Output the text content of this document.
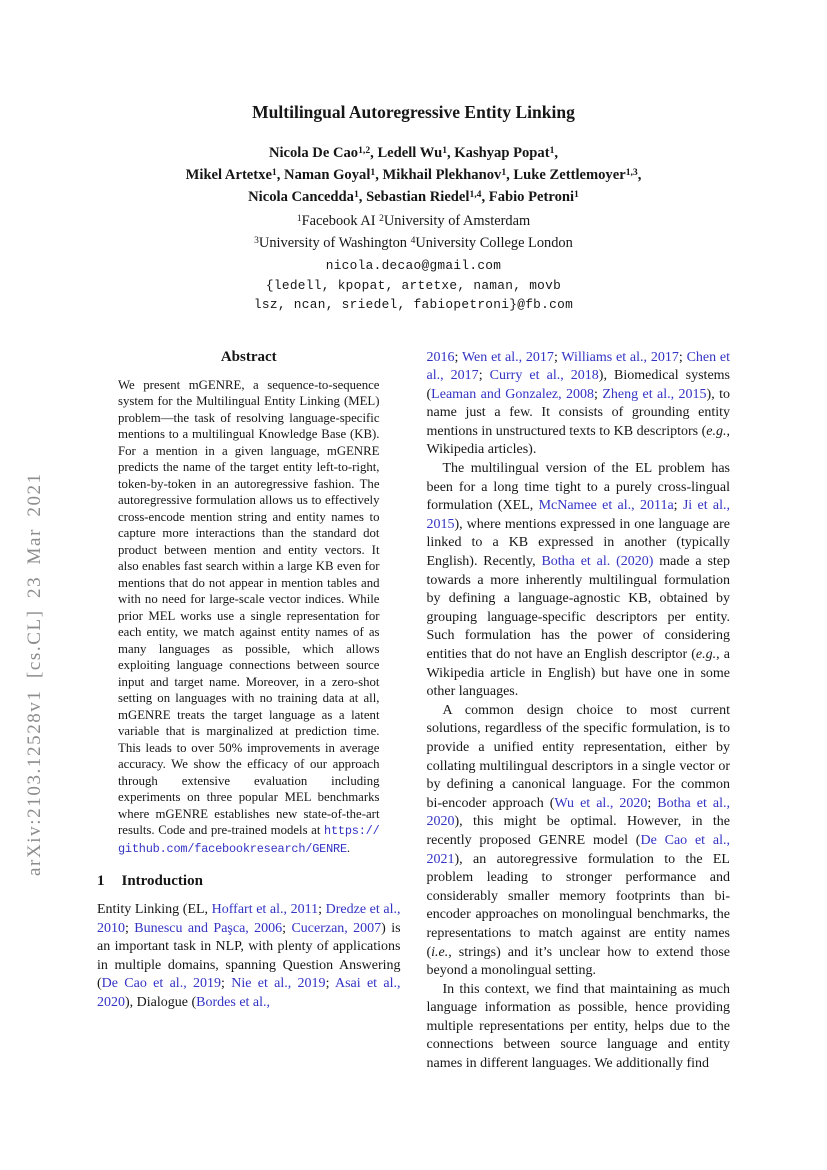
arXiv:2103.12528v1 [cs.CL] 23 Mar 2021
Multilingual Autoregressive Entity Linking
Nicola De Cao$^{1,2}$, Ledell Wu$^1$, Kashyap Popat$^1$,
Mikel Artetxe$^1$, Naman Goyal$^1$, Mikhail Plekhanov$^1$, Luke Zettlemoyer$^{1,3}$,
Nicola Cancedda$^1$, Sebastian Riedel$^{1,4}$, Fabio Petroni$^1$
$^1$Facebook AI $^2$University of Amsterdam
$^3$University of Washington $^4$University College London
nicola.decao@gmail.com
{ledell, kpopat, artetxe, naman, movb
lsz, ncan, sriedel, fabiopetroni}@fb.com
Abstract

We present mGENRE, a sequence-to-sequence system for the Multilingual Entity Linking (MEL) problem—the task of resolving language-specific mentions to a multilingual Knowledge Base (KB). For a mention in a given language, mGENRE predicts the name of the target entity left-to-right, token-by-token in an autoregressive fashion. The autoregressive formulation allows us to effectively cross-encode mention string and entity names to capture more interactions than the standard dot product between mention and entity vectors. It also enables fast search within a large KB even for mentions that do not appear in mention tables and with no need for large-scale vector indices. While prior MEL works use a single representation for each entity, we match against entity names of as many languages as possible, which allows exploiting language connections between source input and target name. Moreover, in a zero-shot setting on languages with no training data at all, mGENRE treats the target language as a latent variable that is marginalized at prediction time. This leads to over 50% improvements in average accuracy. We show the efficacy of our approach through extensive evaluation including experiments on three popular MEL benchmarks where mGENRE establishes new state-of-the-art results. Code and pre-trained models at https://github.com/facebookresearch/GENRE.

1 Introduction

Entity Linking (EL, Hoffart et al., 2011; Dredze et al., 2010; Bunescu and Paşca, 2006; Cucerzan, 2007) is an important task in NLP, with plenty of applications in multiple domains, spanning Question Answering (De Cao et al., 2019; Nie et al., 2019; Asai et al., 2020), Dialogue (Bordes et al.,

2016; Wen et al., 2017; Williams et al., 2017; Chen et al., 2017; Curry et al., 2018), Biomedical systems (Leaman and Gonzalez, 2008; Zheng et al., 2015), to name just a few. It consists of grounding entity mentions in unstructured texts to KB descriptors (e.g., Wikipedia articles).

The multilingual version of the EL problem has been for a long time tight to a purely cross-lingual formulation (XEL, McNamee et al., 2011a; Ji et al., 2015), where mentions expressed in one language are linked to a KB expressed in another (typically English). Recently, Botha et al. (2020) made a step towards a more inherently multilingual formulation by defining a language-agnostic KB, obtained by grouping language-specific descriptors per entity. Such formulation has the power of considering entities that do not have an English descriptor (e.g., a Wikipedia article in English) but have one in some other languages.

A common design choice to most current solutions, regardless of the specific formulation, is to provide a unified entity representation, either by collating multilingual descriptors in a single vector or by defining a canonical language. For the common bi-encoder approach (Wu et al., 2020; Botha et al., 2020), this might be optimal. However, in the recently proposed GENRE model (De Cao et al., 2021), an autoregressive formulation to the EL problem leading to stronger performance and considerably smaller memory footprints than bi-encoder approaches on monolingual benchmarks, the representations to match against are entity names (i.e., strings) and it’s unclear how to extend those beyond a monolingual setting.

In this context, we find that maintaining as much language information as possible, hence providing multiple representations per entity, helps due to the connections between source language and entity names in different languages. We additionally find
